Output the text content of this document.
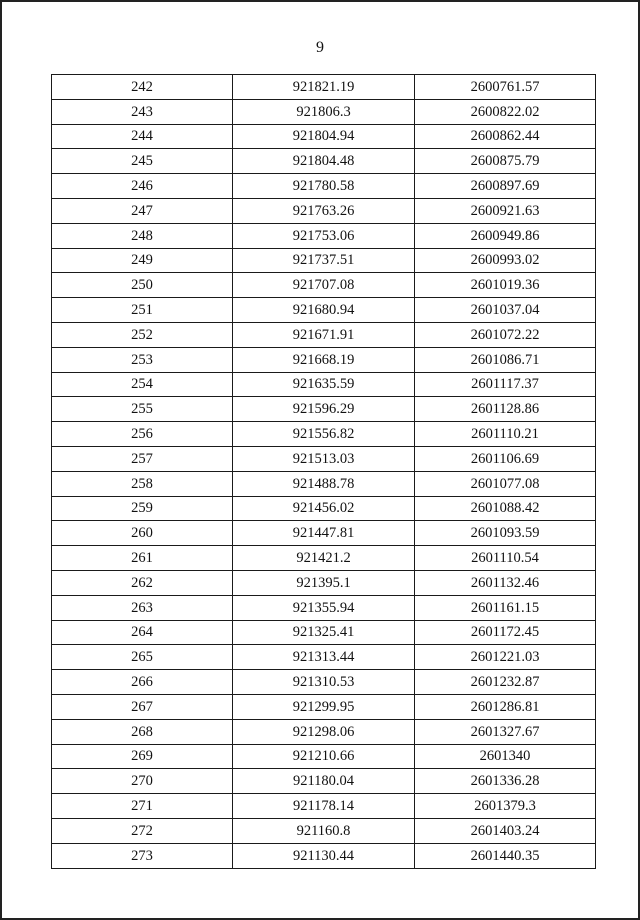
9
242	921821.19	2600761.57
243	921806.3	2600822.02
244	921804.94	2600862.44
245	921804.48	2600875.79
246	921780.58	2600897.69
247	921763.26	2600921.63
248	921753.06	2600949.86
249	921737.51	2600993.02
250	921707.08	2601019.36
251	921680.94	2601037.04
252	921671.91	2601072.22
253	921668.19	2601086.71
254	921635.59	2601117.37
255	921596.29	2601128.86
256	921556.82	2601110.21
257	921513.03	2601106.69
258	921488.78	2601077.08
259	921456.02	2601088.42
260	921447.81	2601093.59
261	921421.2	2601110.54
262	921395.1	2601132.46
263	921355.94	2601161.15
264	921325.41	2601172.45
265	921313.44	2601221.03
266	921310.53	2601232.87
267	921299.95	2601286.81
268	921298.06	2601327.67
269	921210.66	2601340
270	921180.04	2601336.28
271	921178.14	2601379.3
272	921160.8	2601403.24
273	921130.44	2601440.35
